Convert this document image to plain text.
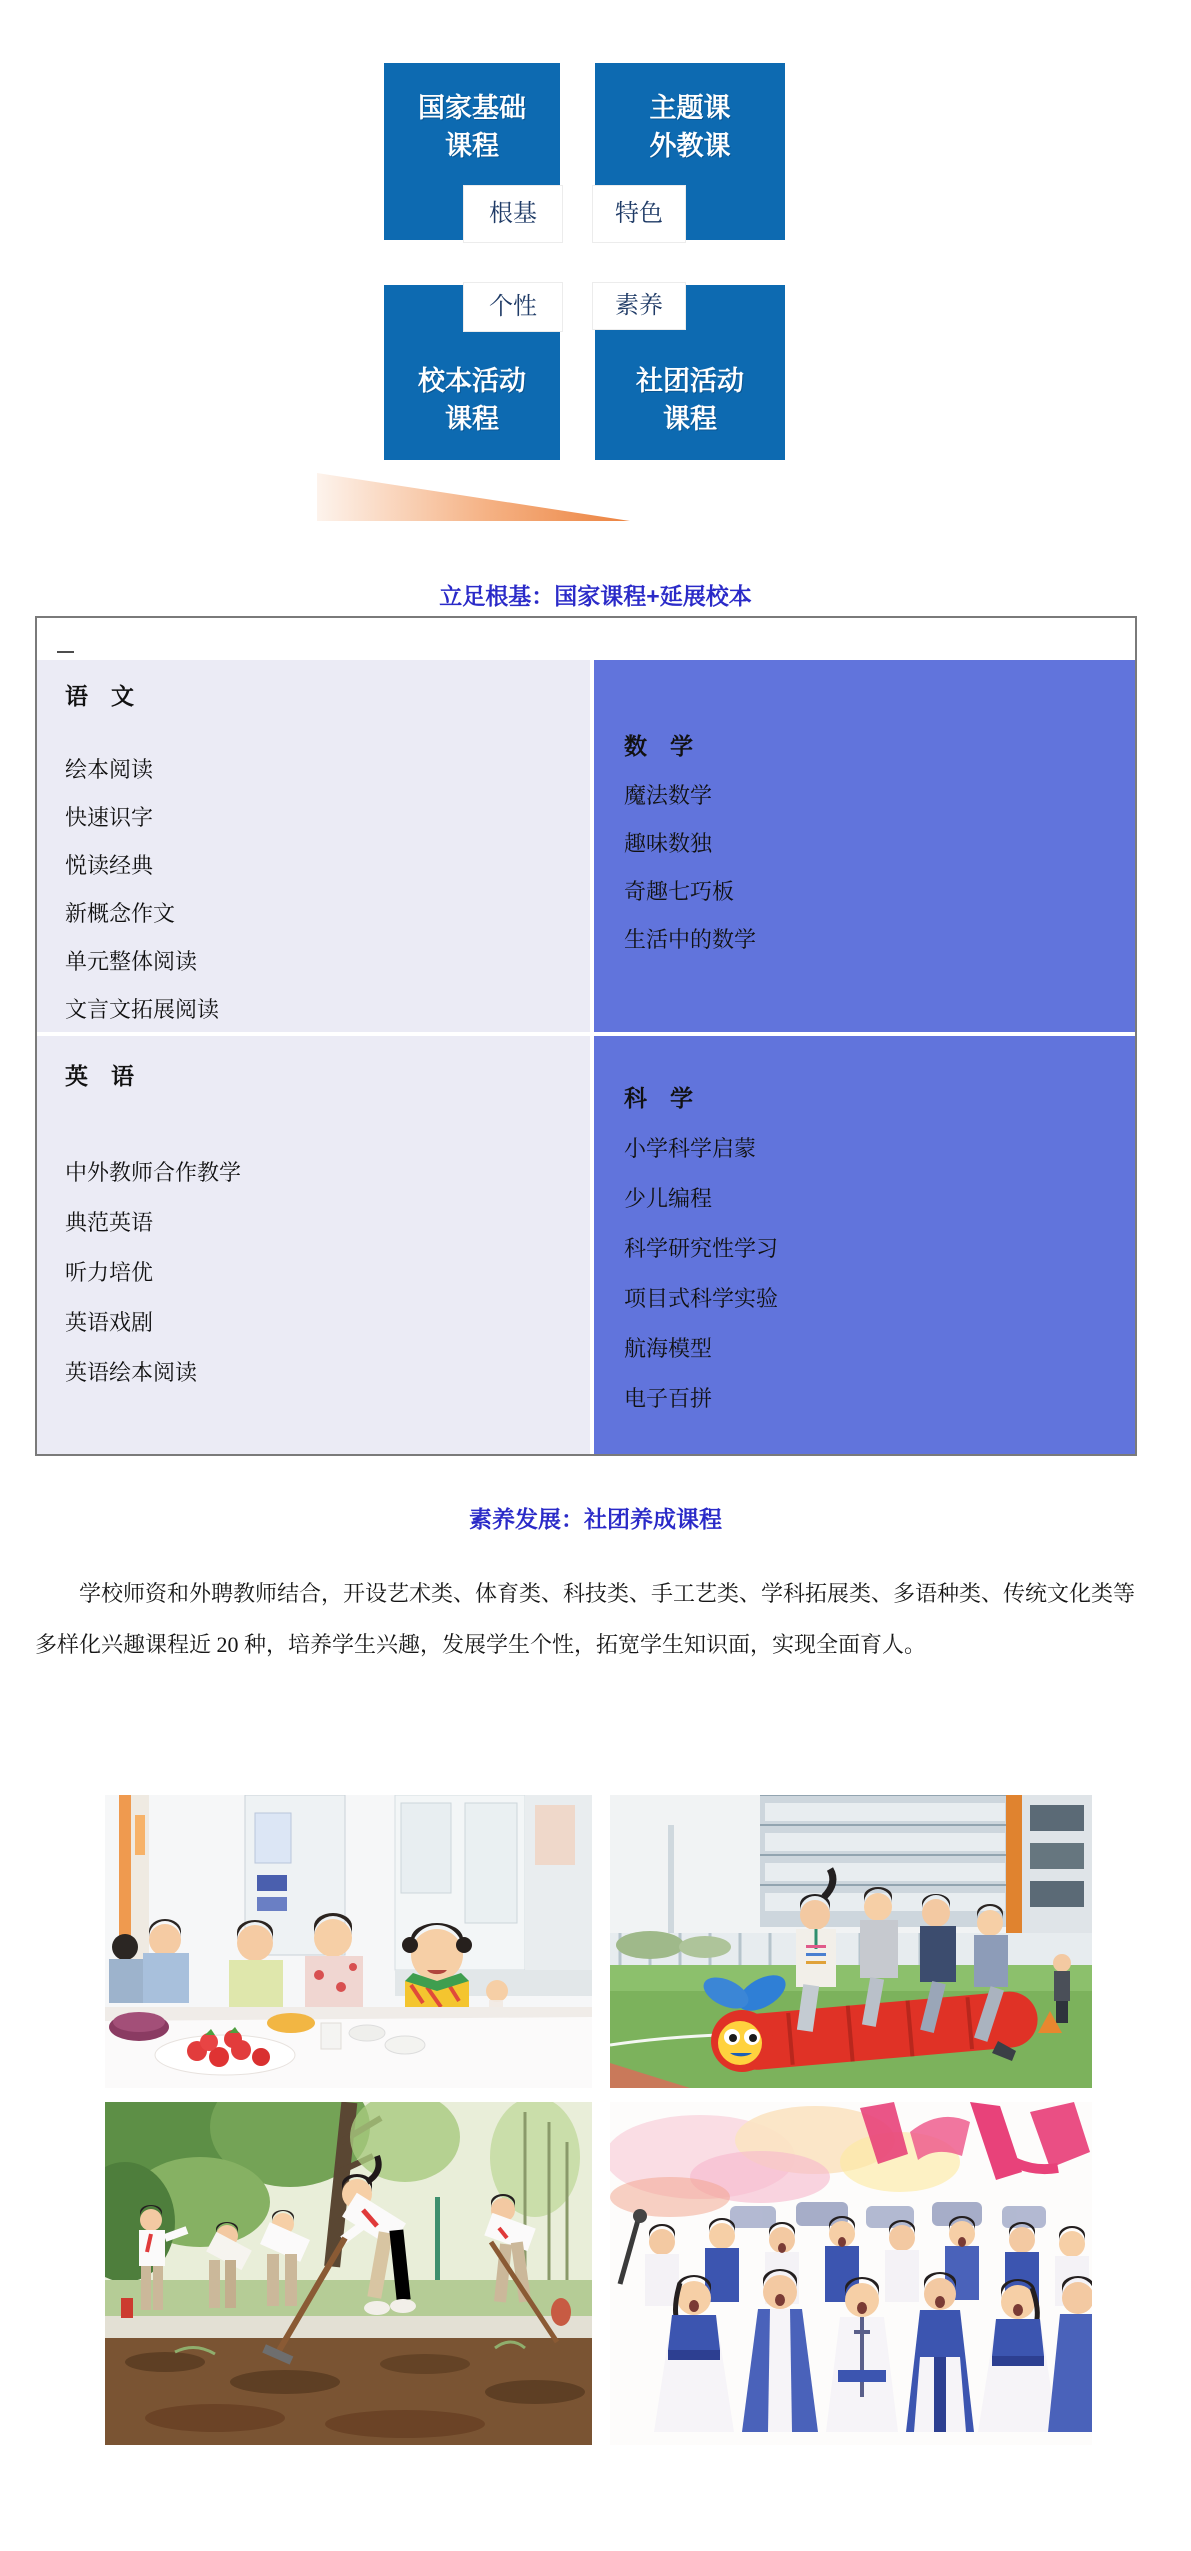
国家基础
课程
根基
主题课
外教课
特色
校本活动
课程
个性
社团活动
课程
素养
立足根基：国家课程+延展校本
语　文
绘本阅读
快速识字
悦读经典
新概念作文
单元整体阅读
文言文拓展阅读
数　学
魔法数学
趣味数独
奇趣七巧板
生活中的数学
英　语
中外教师合作教学
典范英语
听力培优
英语戏剧
英语绘本阅读
科　学
小学科学启蒙
少儿编程
科学研究性学习
项目式科学实验
航海模型
电子百拼
素养发展：社团养成课程
学校师资和外聘教师结合，开设艺术类、体育类、科技类、手工艺类、学科拓展类、多语种类、传统文化类等多样化兴趣课程近 20 种，培养学生兴趣，发展学生个性，拓宽学生知识面，实现全面育人。
